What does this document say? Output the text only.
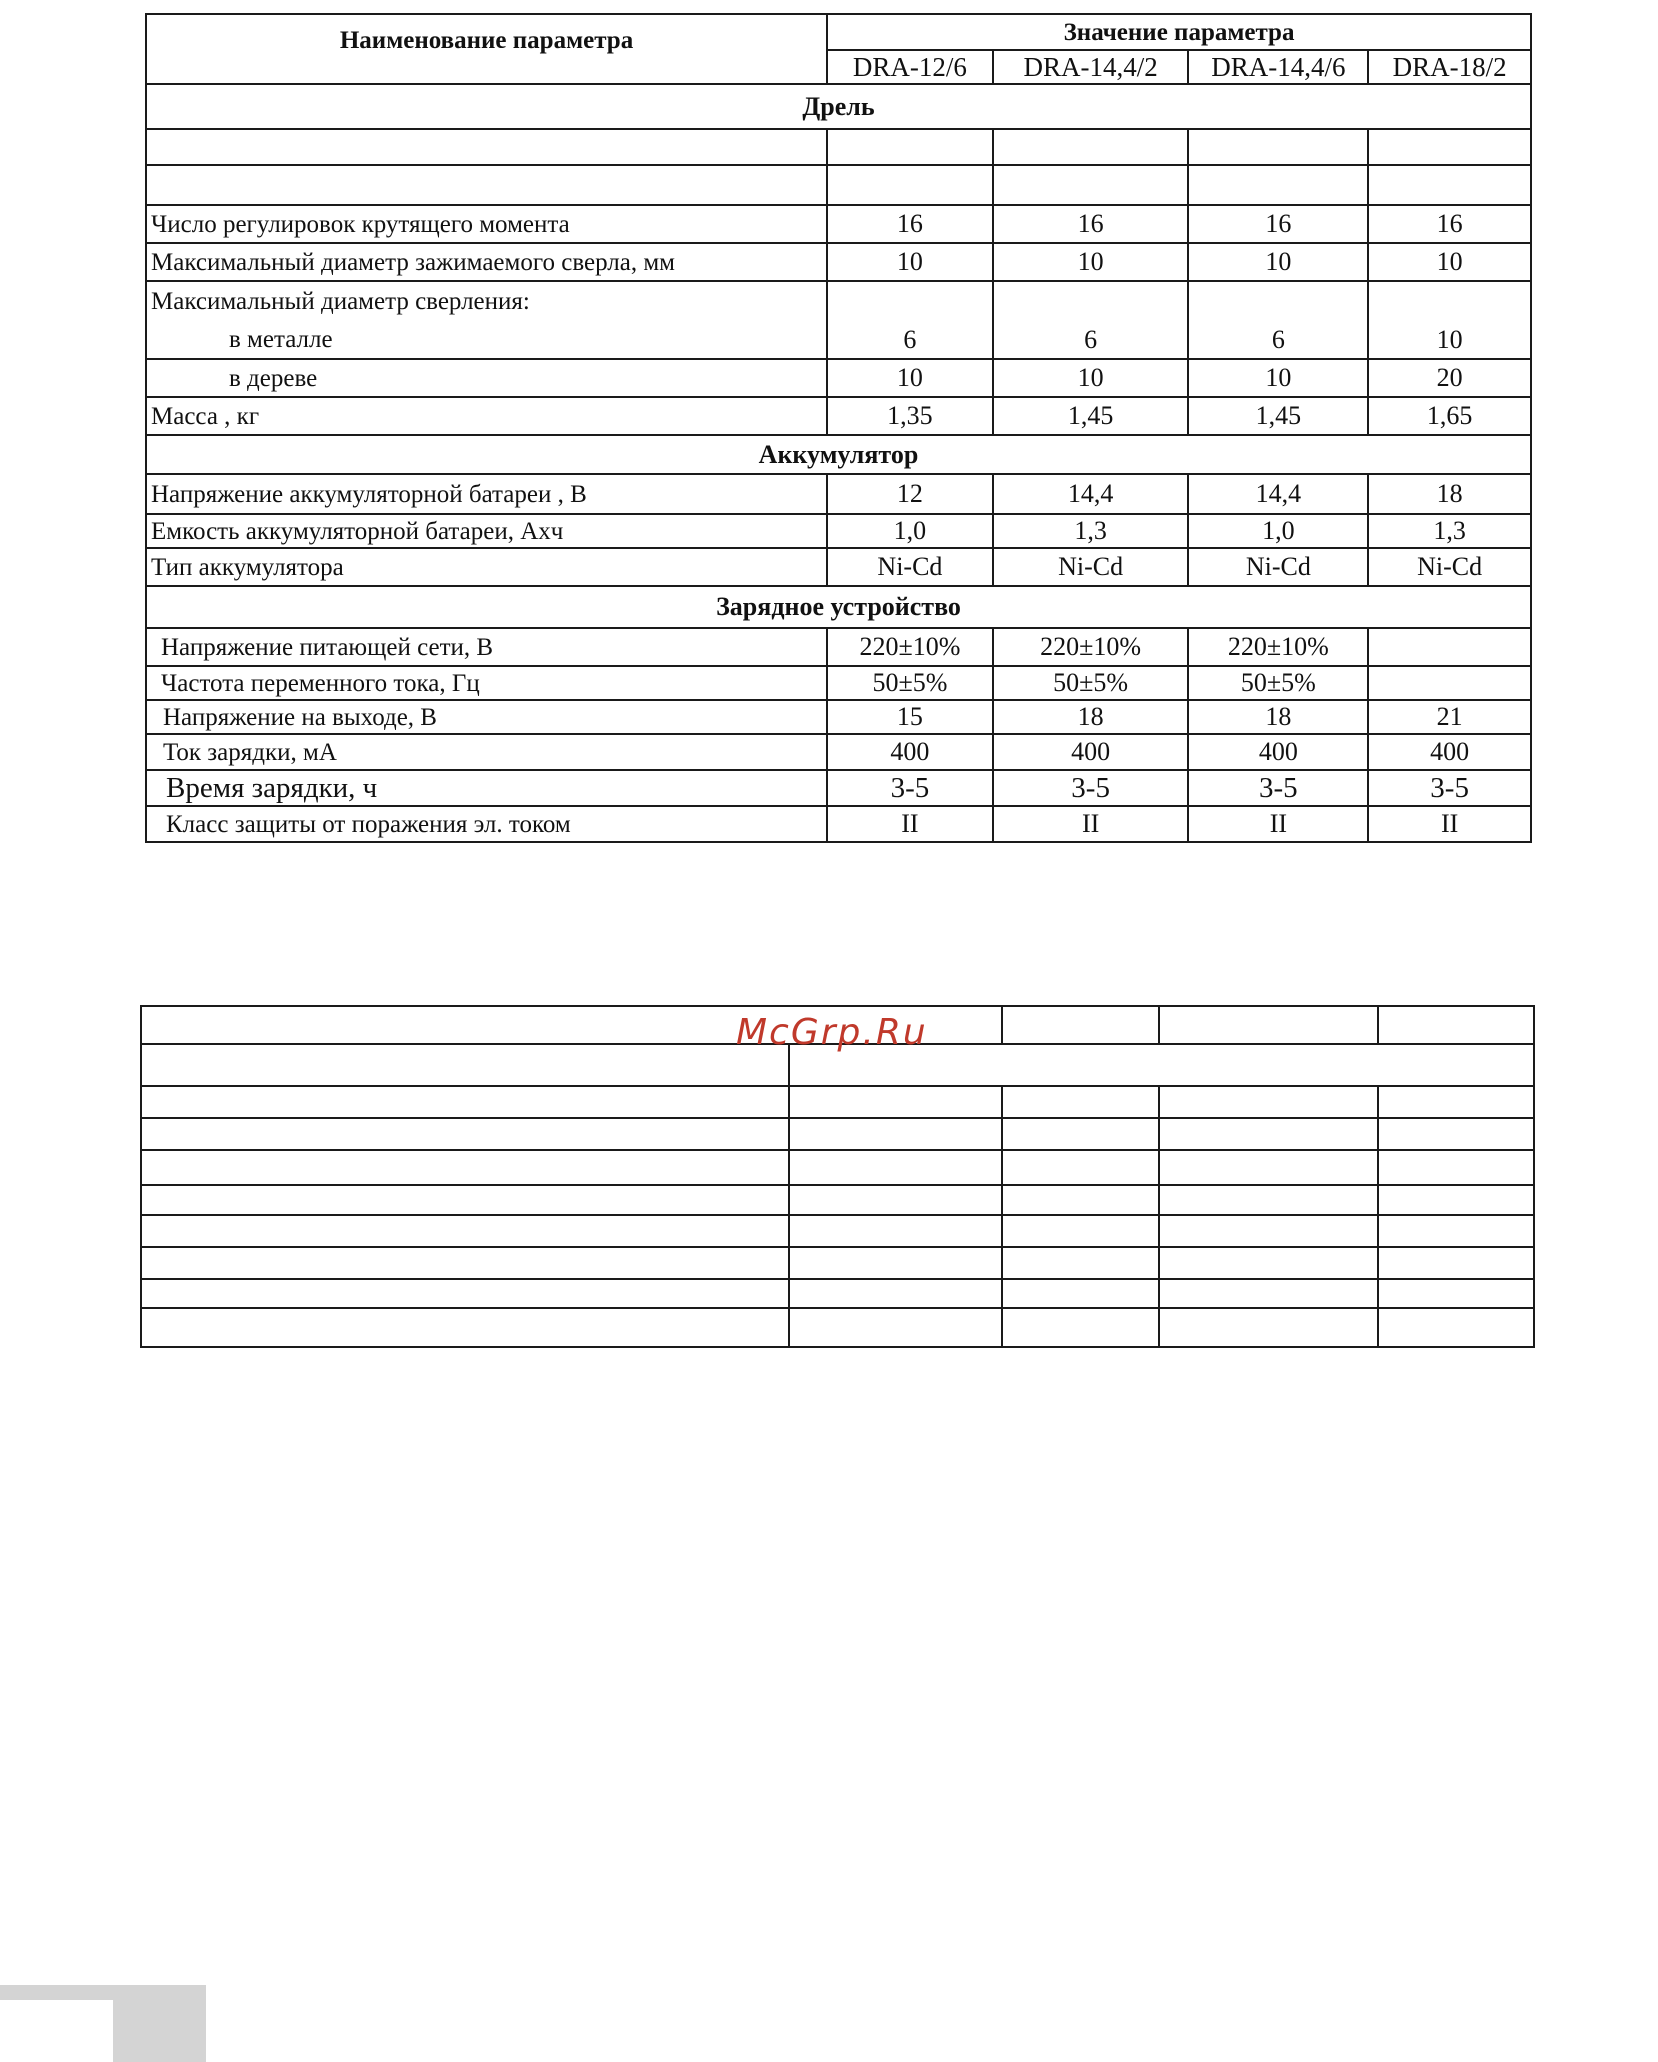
Наименование параметра	Значение параметра			
	DRA-12/6	DRA-14,4/2	DRA-14,4/6	DRA-18/2
Дрель				

Число регулировок крутящего момента	16	16	16	16
Максимальный диаметр зажимаемого сверла, мм	10	10	10	10
Максимальный диаметр сверления:				
в металле	6	6	6	10
в дереве	10	10	10	20
Масса , кг	1,35	1,45	1,45	1,65
Аккумулятор				
Напряжение аккумуляторной батареи , В	12	14,4	14,4	18
Емкость аккумуляторной батареи, Аxч	1,0	1,3	1,0	1,3
Тип аккумулятора	Ni-Cd	Ni-Cd	Ni-Cd	Ni-Cd
Зарядное устройство				
Напряжение питающей сети, В	220±10%	220±10%	220±10%	
Частота переменного тока, Гц	50±5%	50±5%	50±5%	
Напряжение на выходе, В	15	18	18	21
Ток зарядки, мА	400	400	400	400
Время зарядки, ч	3-5	3-5	3-5	3-5
Класс защиты от поражения эл. током	II	II	II	II

McGrp.Ru
